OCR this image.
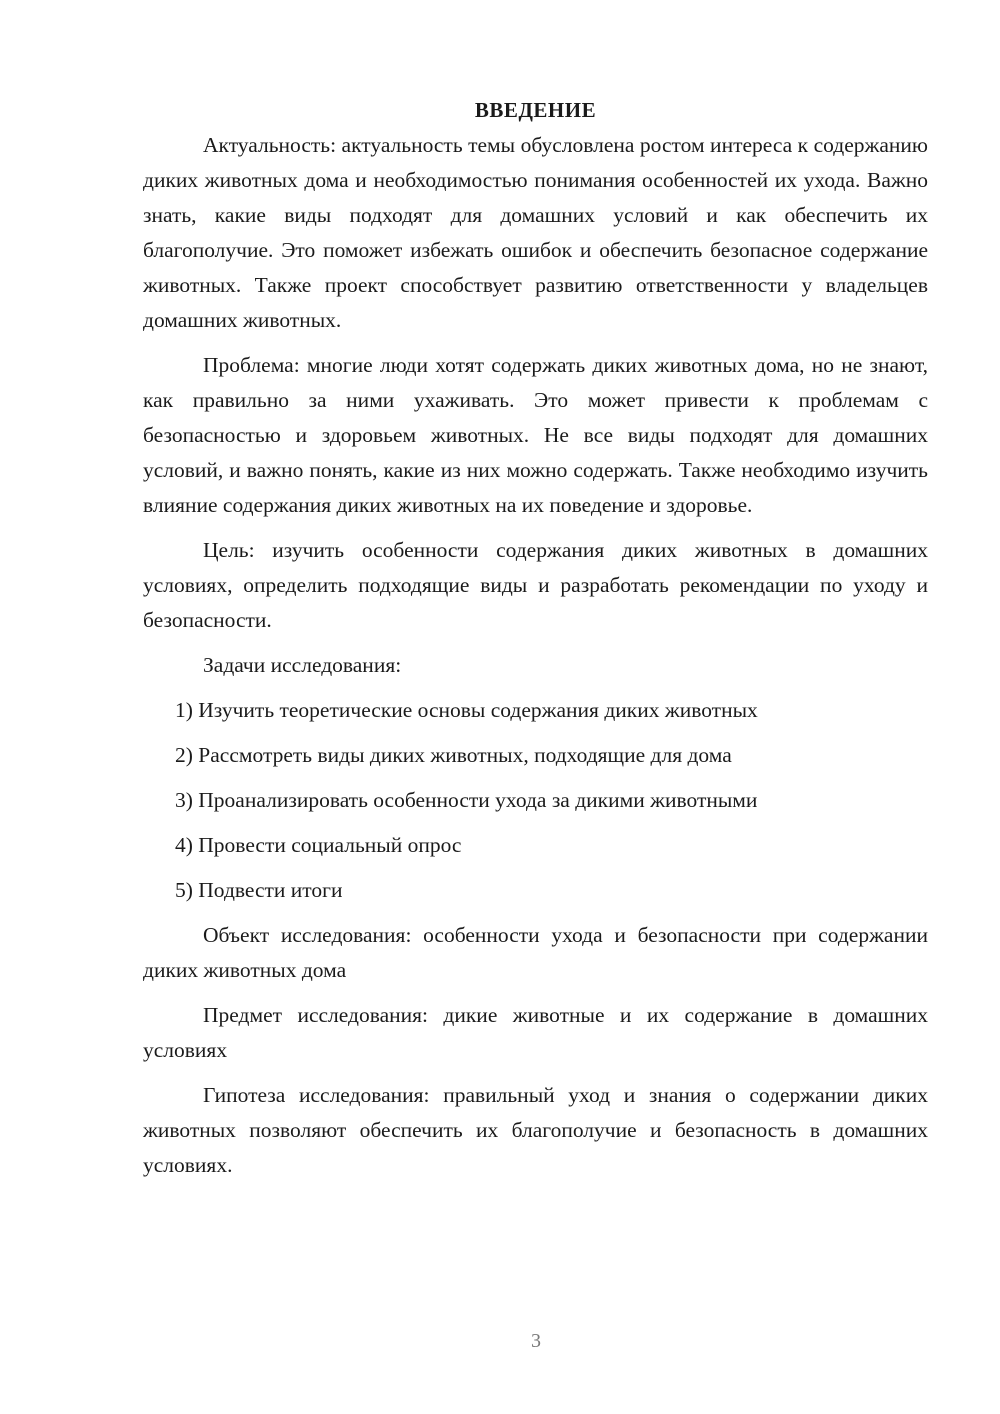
ВВЕДЕНИЕ

Актуальность: актуальность темы обусловлена ростом интереса к содержанию диких животных дома и необходимостью понимания особенностей их ухода. Важно знать, какие виды подходят для домашних условий и как обеспечить их благополучие. Это поможет избежать ошибок и обеспечить безопасное содержание животных. Также проект способствует развитию ответственности у владельцев домашних животных.

Проблема: многие люди хотят содержать диких животных дома, но не знают, как правильно за ними ухаживать. Это может привести к проблемам с безопасностью и здоровьем животных. Не все виды подходят для домашних условий, и важно понять, какие из них можно содержать. Также необходимо изучить влияние содержания диких животных на их поведение и здоровье.

Цель: изучить особенности содержания диких животных в домашних условиях, определить подходящие виды и разработать рекомендации по уходу и безопасности.

Задачи исследования:

1) Изучить теоретические основы содержания диких животных
2) Рассмотреть виды диких животных, подходящие для дома
3) Проанализировать особенности ухода за дикими животными
4) Провести социальный опрос
5) Подвести итоги

Объект исследования: особенности ухода и безопасности при содержании диких животных дома

Предмет исследования: дикие животные и их содержание в домашних условиях

Гипотеза исследования: правильный уход и знания о содержании диких животных позволяют обеспечить их благополучие и безопасность в домашних условиях.

3
